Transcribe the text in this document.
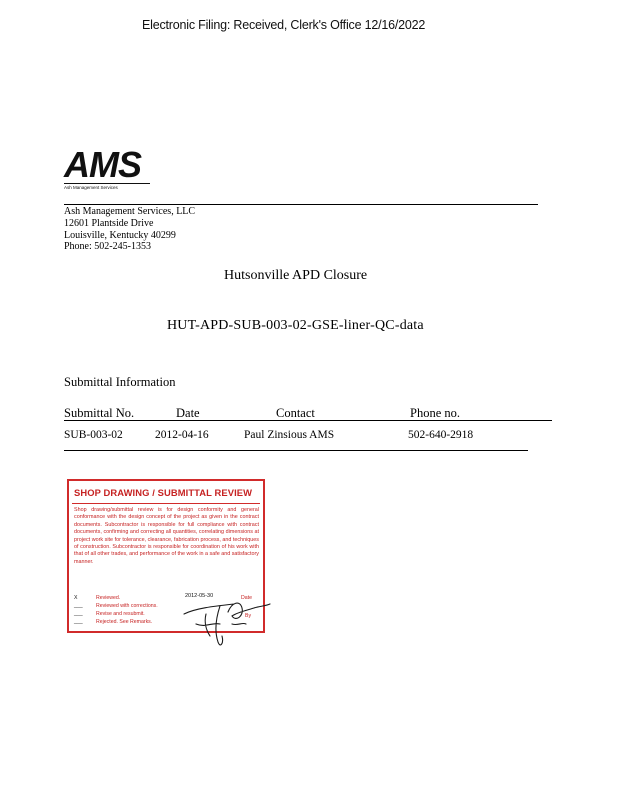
Electronic Filing: Received, Clerk's Office 12/16/2022
AMS
Ash Management Services
Ash Management Services, LLC
12601 Plantside Drive
Louisville, Kentucky 40299
Phone: 502-245-1353
Hutsonville APD Closure
HUT-APD-SUB-003-02-GSE-liner-QC-data
Submittal Information
Submittal No.	Date	Contact	Phone no.
SUB-003-02	2012-04-16	Paul Zinsious AMS	502-640-2918
SHOP DRAWING / SUBMITTAL REVIEW
Shop drawing/submittal review is for design conformity and general conformance with the design concept of the project as given in the contract documents. Subcontractor is responsible for full compliance with contract documents, confirming and correcting all quantities, correlating dimensions at project work site for tolerance, clearance, fabrication process, and techniques of construction. Subcontractor is responsible for coordination of his work with that of all other trades, and performance of the work in a safe and satisfactory manner.
X	Reviewed.
___	Reviewed with corrections.
___	Revise and resubmit.
___	Rejected. See Remarks.
2012-05-30	Date
By
